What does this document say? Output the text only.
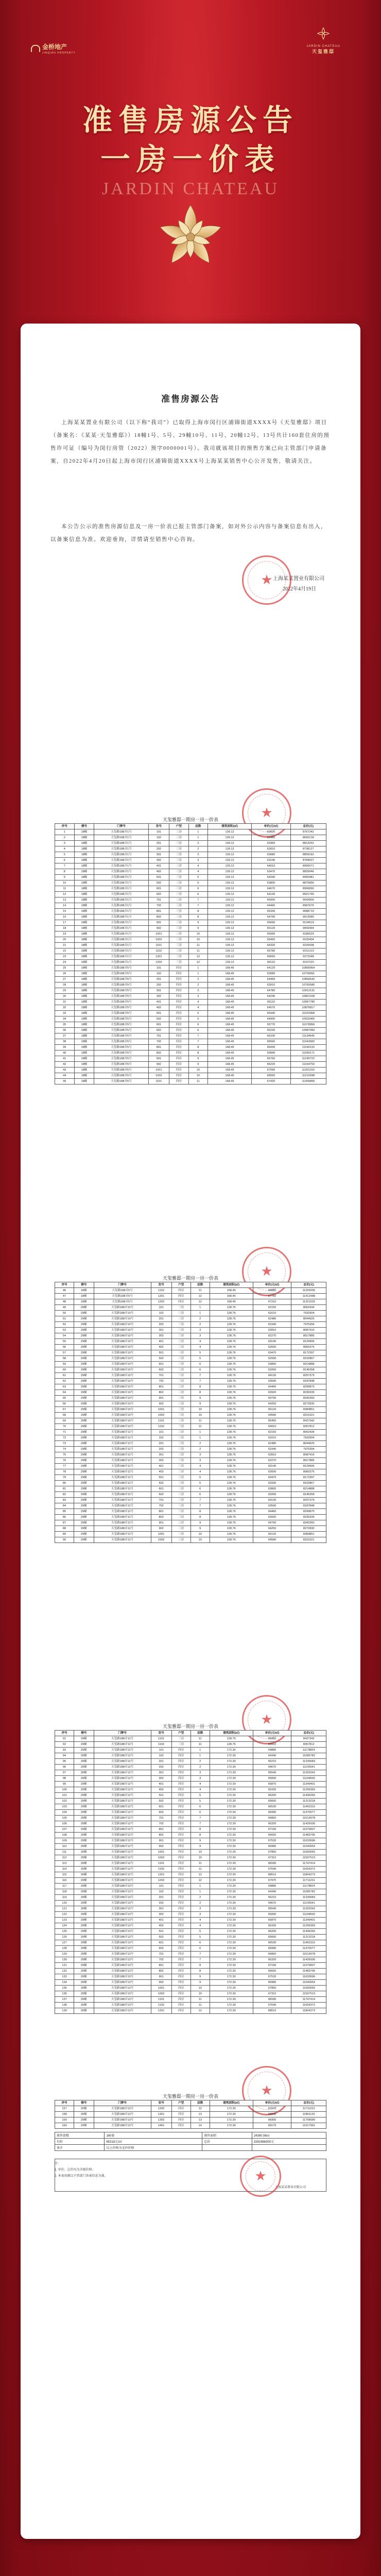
金桥地产
JINQIAO PROPERTY
JARDIN CHATEAU
天玺雅邸
准售房源公告
一房一价表
JARDIN CHATEAU
准售房源公告
上海某某置业有限公司（以下称“我司”）已取得上海市闵行区浦锦街道XXXX号《天玺雅邸》项目（备案名：《某某·天玺雅邸》）18幢1号、5号、29幢10号、11号、20幢12号、13号共计160套住房的预售许可证（编号为闵行房管（2022）预字0000001号）。我司就该项目的预售方案已向主管部门申请备案，自2022年4月20日起上海市闵行区浦锦街道XXXX号上海某某销售中心公开发售，敬请关注。
本公告公示的准售房源信息及一房一价表已报主管部门备案，如对外公示内容与备案信息有出入，以备案信息为准。欢迎垂询，详情请至销售中心咨询。
上海某某置业有限公司
2022年4月19日
★
★
天玺雅邸一期房一房一价表
序号	楼号	门牌号	室号	户型	层数	建筑面积(㎡)	单价(元/㎡)	总价(元)
1	18幢	天玺路188弄1号	101	三房	1	139.12	63020	8767342
2	18幢	天玺路188弄1号	102	三房	1	139.12	62480	8692218
3	18幢	天玺路188弄1号	201	三房	2	139.12	63350	8813252
4	18幢	天玺路188弄1号	202	三房	2	139.12	62810	8738127
5	18幢	天玺路188弄1号	301	三房	3	139.12	63680	8859162
6	18幢	天玺路188弄1号	302	三房	3	139.12	63140	8784037
7	18幢	天玺路188弄1号	401	三房	4	139.12	64010	8905071
8	18幢	天玺路188弄1号	402	三房	4	139.12	63470	8829946
9	18幢	天玺路188弄1号	501	三房	5	139.12	64340	8950981
10	18幢	天玺路188弄1号	502	三房	5	139.12	63800	8875856
11	18幢	天玺路188弄1号	601	三房	6	139.12	64670	8996890
12	18幢	天玺路188弄1号	602	三房	6	139.12	64130	8921766
13	18幢	天玺路188弄1号	701	三房	7	139.12	65000	9042800
14	18幢	天玺路188弄1号	702	三房	7	139.12	64460	8967675
15	18幢	天玺路188弄1号	801	三房	8	139.12	65330	9088710
16	18幢	天玺路188弄1号	802	三房	8	139.12	64790	9013585
17	18幢	天玺路188弄1号	901	三房	9	139.12	65660	9134619
18	18幢	天玺路188弄1号	902	三房	9	139.12	65120	9059494
19	18幢	天玺路188弄1号	1001	三房	10	139.12	65990	9180529
20	18幢	天玺路188弄1号	1002	三房	10	139.12	65450	9105404
21	18幢	天玺路188弄1号	1101	三房	11	139.12	66320	9226438
22	18幢	天玺路188弄1号	1102	三房	11	139.12	65780	9151313
23	18幢	天玺路188弄1号	1201	三房	12	139.12	66650	9272348
24	18幢	天玺路188弄1号	1202	三房	12	139.12	66110	9197223
25	18幢	天玺路188弄5号	101	四房	1	168.45	64120	10800954
26	18幢	天玺路188弄5号	102	四房	1	168.45	63580	10709991
27	18幢	天玺路188弄5号	201	四房	2	168.45	64450	10856542
28	18幢	天玺路188弄5号	202	四房	2	168.45	63910	10765580
29	18幢	天玺路188弄5号	301	四房	3	168.45	64780	10912131
30	18幢	天玺路188弄5号	302	四房	3	168.45	64240	10821168
31	18幢	天玺路188弄5号	401	四房	4	168.45	65110	10967780
32	18幢	天玺路188弄5号	402	四房	4	168.45	64570	10876817
33	18幢	天玺路188弄5号	501	四房	5	168.45	65440	11023368
34	18幢	天玺路188弄5号	502	四房	5	168.45	64900	10932405
35	18幢	天玺路188弄5号	601	四房	6	168.45	65770	11078956
36	18幢	天玺路188弄5号	602	四房	6	168.45	65230	10987993
37	18幢	天玺路188弄5号	701	四房	7	168.45	66100	11134545
38	18幢	天玺路188弄5号	702	四房	7	168.45	65560	11043582
39	18幢	天玺路188弄5号	801	四房	8	168.45	66430	11190133
40	18幢	天玺路188弄5号	802	四房	8	168.45	65890	11099171
41	18幢	天玺路188弄5号	901	四房	9	168.45	66760	11245722
42	18幢	天玺路188弄5号	902	四房	9	168.45	66220	11154759
43	18幢	天玺路188弄5号	1001	四房	10	168.45	67090	11301310
44	18幢	天玺路188弄5号	1002	四房	10	168.45	66550	11210348
45	18幢	天玺路188弄5号	1101	四房	11	168.45	67420	11356899
★
天玺雅邸一期房一房一价表
序号	楼号	门牌号	室号	户型	层数	建筑面积(㎡)	单价(元/㎡)	总价(元)
46	18幢	天玺路188弄5号	1102	四房	11	168.45	66880	11265936
47	18幢	天玺路188弄5号	1201	四房	12	168.45	67750	11412488
48	18幢	天玺路188弄5号	1202	四房	12	168.45	67210	11321525
49	29幢	天玺路188弄10号	101	三房	1	128.76	62150	8002434
50	29幢	天玺路188弄10号	102	三房	1	128.76	61610	7932904
51	29幢	天玺路188弄10号	201	三房	2	128.76	62480	8044925
52	29幢	天玺路188弄10号	202	三房	2	128.76	61940	7975394
53	29幢	天玺路188弄10号	301	三房	3	128.76	62810	8087416
54	29幢	天玺路188弄10号	302	三房	3	128.76	62270	8017885
55	29幢	天玺路188弄10号	401	三房	4	128.76	63140	8129906
56	29幢	天玺路188弄10号	402	三房	4	128.76	62600	8060376
57	29幢	天玺路188弄10号	501	三房	5	128.76	63470	8172397
58	29幢	天玺路188弄10号	502	三房	5	128.76	62930	8102867
59	29幢	天玺路188弄10号	601	三房	6	128.76	63800	8214888
60	29幢	天玺路188弄10号	602	三房	6	128.76	63260	8145358
61	29幢	天玺路188弄10号	701	三房	7	128.76	64130	8257379
62	29幢	天玺路188弄10号	702	三房	7	128.76	63590	8187848
63	29幢	天玺路188弄10号	801	三房	8	128.76	64460	8299870
64	29幢	天玺路188弄10号	802	三房	8	128.76	63920	8230339
65	29幢	天玺路188弄10号	901	三房	9	128.76	64790	8342360
66	29幢	天玺路188弄10号	902	三房	9	128.76	64250	8272830
67	29幢	天玺路188弄10号	1001	三房	10	128.76	65120	8384851
68	29幢	天玺路188弄10号	1002	三房	10	128.76	64580	8315321
69	29幢	天玺路188弄10号	1101	三房	11	128.76	65450	8427342
70	29幢	天玺路188弄10号	1102	三房	11	128.76	64910	8357812
71	29幢	天玺路188弄11号	101	三房	1	128.76	62150	8002434
72	29幢	天玺路188弄11号	102	三房	1	128.76	61610	7932904
73	29幢	天玺路188弄11号	201	三房	2	128.76	62480	8044925
74	29幢	天玺路188弄11号	202	三房	2	128.76	61940	7975394
75	29幢	天玺路188弄11号	301	三房	3	128.76	62810	8087416
76	29幢	天玺路188弄11号	302	三房	3	128.76	62270	8017885
77	29幢	天玺路188弄11号	401	三房	4	128.76	63140	8129906
78	29幢	天玺路188弄11号	402	三房	4	128.76	62600	8060376
79	29幢	天玺路188弄11号	501	三房	5	128.76	63470	8172397
80	29幢	天玺路188弄11号	502	三房	5	128.76	62930	8102867
81	29幢	天玺路188弄11号	601	三房	6	128.76	63800	8214888
82	29幢	天玺路188弄11号	602	三房	6	128.76	63260	8145358
83	29幢	天玺路188弄11号	701	三房	7	128.76	64130	8257379
84	29幢	天玺路188弄11号	702	三房	7	128.76	63590	8187848
85	29幢	天玺路188弄11号	801	三房	8	128.76	64460	8299870
86	29幢	天玺路188弄11号	802	三房	8	128.76	63920	8230339
87	29幢	天玺路188弄11号	901	三房	9	128.76	64790	8342360
88	29幢	天玺路188弄11号	902	三房	9	128.76	64250	8272830
89	29幢	天玺路188弄11号	1001	三房	10	128.76	65120	8384851
90	29幢	天玺路188弄11号	1002	三房	10	128.76	64580	8315321
★
天玺雅邸一期房一房一价表
序号	楼号	门牌号	室号	户型	层数	建筑面积(㎡)	单价(元/㎡)	总价(元)
91	29幢	天玺路188弄11号	1101	三房	11	128.76	65450	8427342
92	29幢	天玺路188弄11号	1102	三房	11	128.76	64910	8357812
93	20幢	天玺路188弄12号	101	四房	1	172.30	64880	11178824
94	20幢	天玺路188弄12号	102	四房	1	172.30	64340	11085782
95	20幢	天玺路188弄12号	201	四房	2	172.30	65210	11235683
96	20幢	天玺路188弄12号	202	四房	2	172.30	64670	11142641
97	20幢	天玺路188弄12号	301	四房	3	172.30	65540	11292542
98	20幢	天玺路188弄12号	302	四房	3	172.30	65000	11199500
99	20幢	天玺路188弄12号	401	四房	4	172.30	65870	11349401
100	20幢	天玺路188弄12号	402	四房	4	172.30	65330	11256359
101	20幢	天玺路188弄12号	501	四房	5	172.30	66200	11406260
102	20幢	天玺路188弄12号	502	四房	5	172.30	65660	11313218
103	20幢	天玺路188弄12号	601	四房	6	172.30	66530	11463119
104	20幢	天玺路188弄12号	602	四房	6	172.30	65990	11370077
105	20幢	天玺路188弄12号	701	四房	7	172.30	66860	11519978
106	20幢	天玺路188弄12号	702	四房	7	172.30	66320	11426936
107	20幢	天玺路188弄12号	801	四房	8	172.30	67190	11576837
108	20幢	天玺路188弄12号	802	四房	8	172.30	66650	11483795
109	20幢	天玺路188弄12号	901	四房	9	172.30	67520	11633696
110	20幢	天玺路188弄12号	902	四房	9	172.30	66980	11540654
111	20幢	天玺路188弄12号	1001	四房	10	172.30	67850	11690555
112	20幢	天玺路188弄12号	1002	四房	10	172.30	67310	11597513
113	20幢	天玺路188弄12号	1101	四房	11	172.30	68180	11747414
114	20幢	天玺路188弄12号	1102	四房	11	172.30	67640	11654372
115	20幢	天玺路188弄12号	1201	四房	12	172.30	68510	11804273
116	20幢	天玺路188弄12号	1202	四房	12	172.30	67970	11711231
117	20幢	天玺路188弄13号	101	四房	1	172.30	64880	11178824
118	20幢	天玺路188弄13号	102	四房	1	172.30	64340	11085782
119	20幢	天玺路188弄13号	201	四房	2	172.30	65210	11235683
120	20幢	天玺路188弄13号	202	四房	2	172.30	64670	11142641
121	20幢	天玺路188弄13号	301	四房	3	172.30	65540	11292542
122	20幢	天玺路188弄13号	302	四房	3	172.30	65000	11199500
123	20幢	天玺路188弄13号	401	四房	4	172.30	65870	11349401
124	20幢	天玺路188弄13号	402	四房	4	172.30	65330	11256359
125	20幢	天玺路188弄13号	501	四房	5	172.30	66200	11406260
126	20幢	天玺路188弄13号	502	四房	5	172.30	65660	11313218
127	20幢	天玺路188弄13号	601	四房	6	172.30	66530	11463119
128	20幢	天玺路188弄13号	602	四房	6	172.30	65990	11370077
129	20幢	天玺路188弄13号	701	四房	7	172.30	66860	11519978
130	20幢	天玺路188弄13号	702	四房	7	172.30	66320	11426936
131	20幢	天玺路188弄13号	801	四房	8	172.30	67190	11576837
132	20幢	天玺路188弄13号	802	四房	8	172.30	66650	11483795
133	20幢	天玺路188弄13号	901	四房	9	172.30	67520	11633696
134	20幢	天玺路188弄13号	902	四房	9	172.30	66980	11540654
135	20幢	天玺路188弄13号	1001	四房	10	172.30	67850	11690555
136	20幢	天玺路188弄13号	1002	四房	10	172.30	67310	11597513
137	20幢	天玺路188弄13号	1101	四房	11	172.30	68180	11747414
138	20幢	天玺路188弄13号	1102	四房	11	172.30	67640	11654372
139	20幢	天玺路188弄13号	1201	四房	12	172.30	68510	11804273
★
天玺雅邸一期房一房一价表
序号	楼号	门牌号	室号	户型	层数	建筑面积(㎡)	单价(元/㎡)	总价(元)
157	20幢	天玺路188弄13号	1202	四房	12	172.30	67970	11711231
158	20幢	天玺路188弄13号	1301	四房	13	172.30	68840	11861132
159	20幢	天玺路188弄13号	1302	四房	13	172.30	68300	11768090
160	20幢	天玺路188弄13号	1401	四房	14	172.30	69170	11917991
准售套数	160套	准售面积	24380.56㎡
均价	65318元/㎡	总价	1592486300元
备注	以上价格为毛坯价格		
注：
1. 单价、总价均为含税价格；
2. 本表房源以主管部门备案信息为准。
上海某某置业有限公司
★
